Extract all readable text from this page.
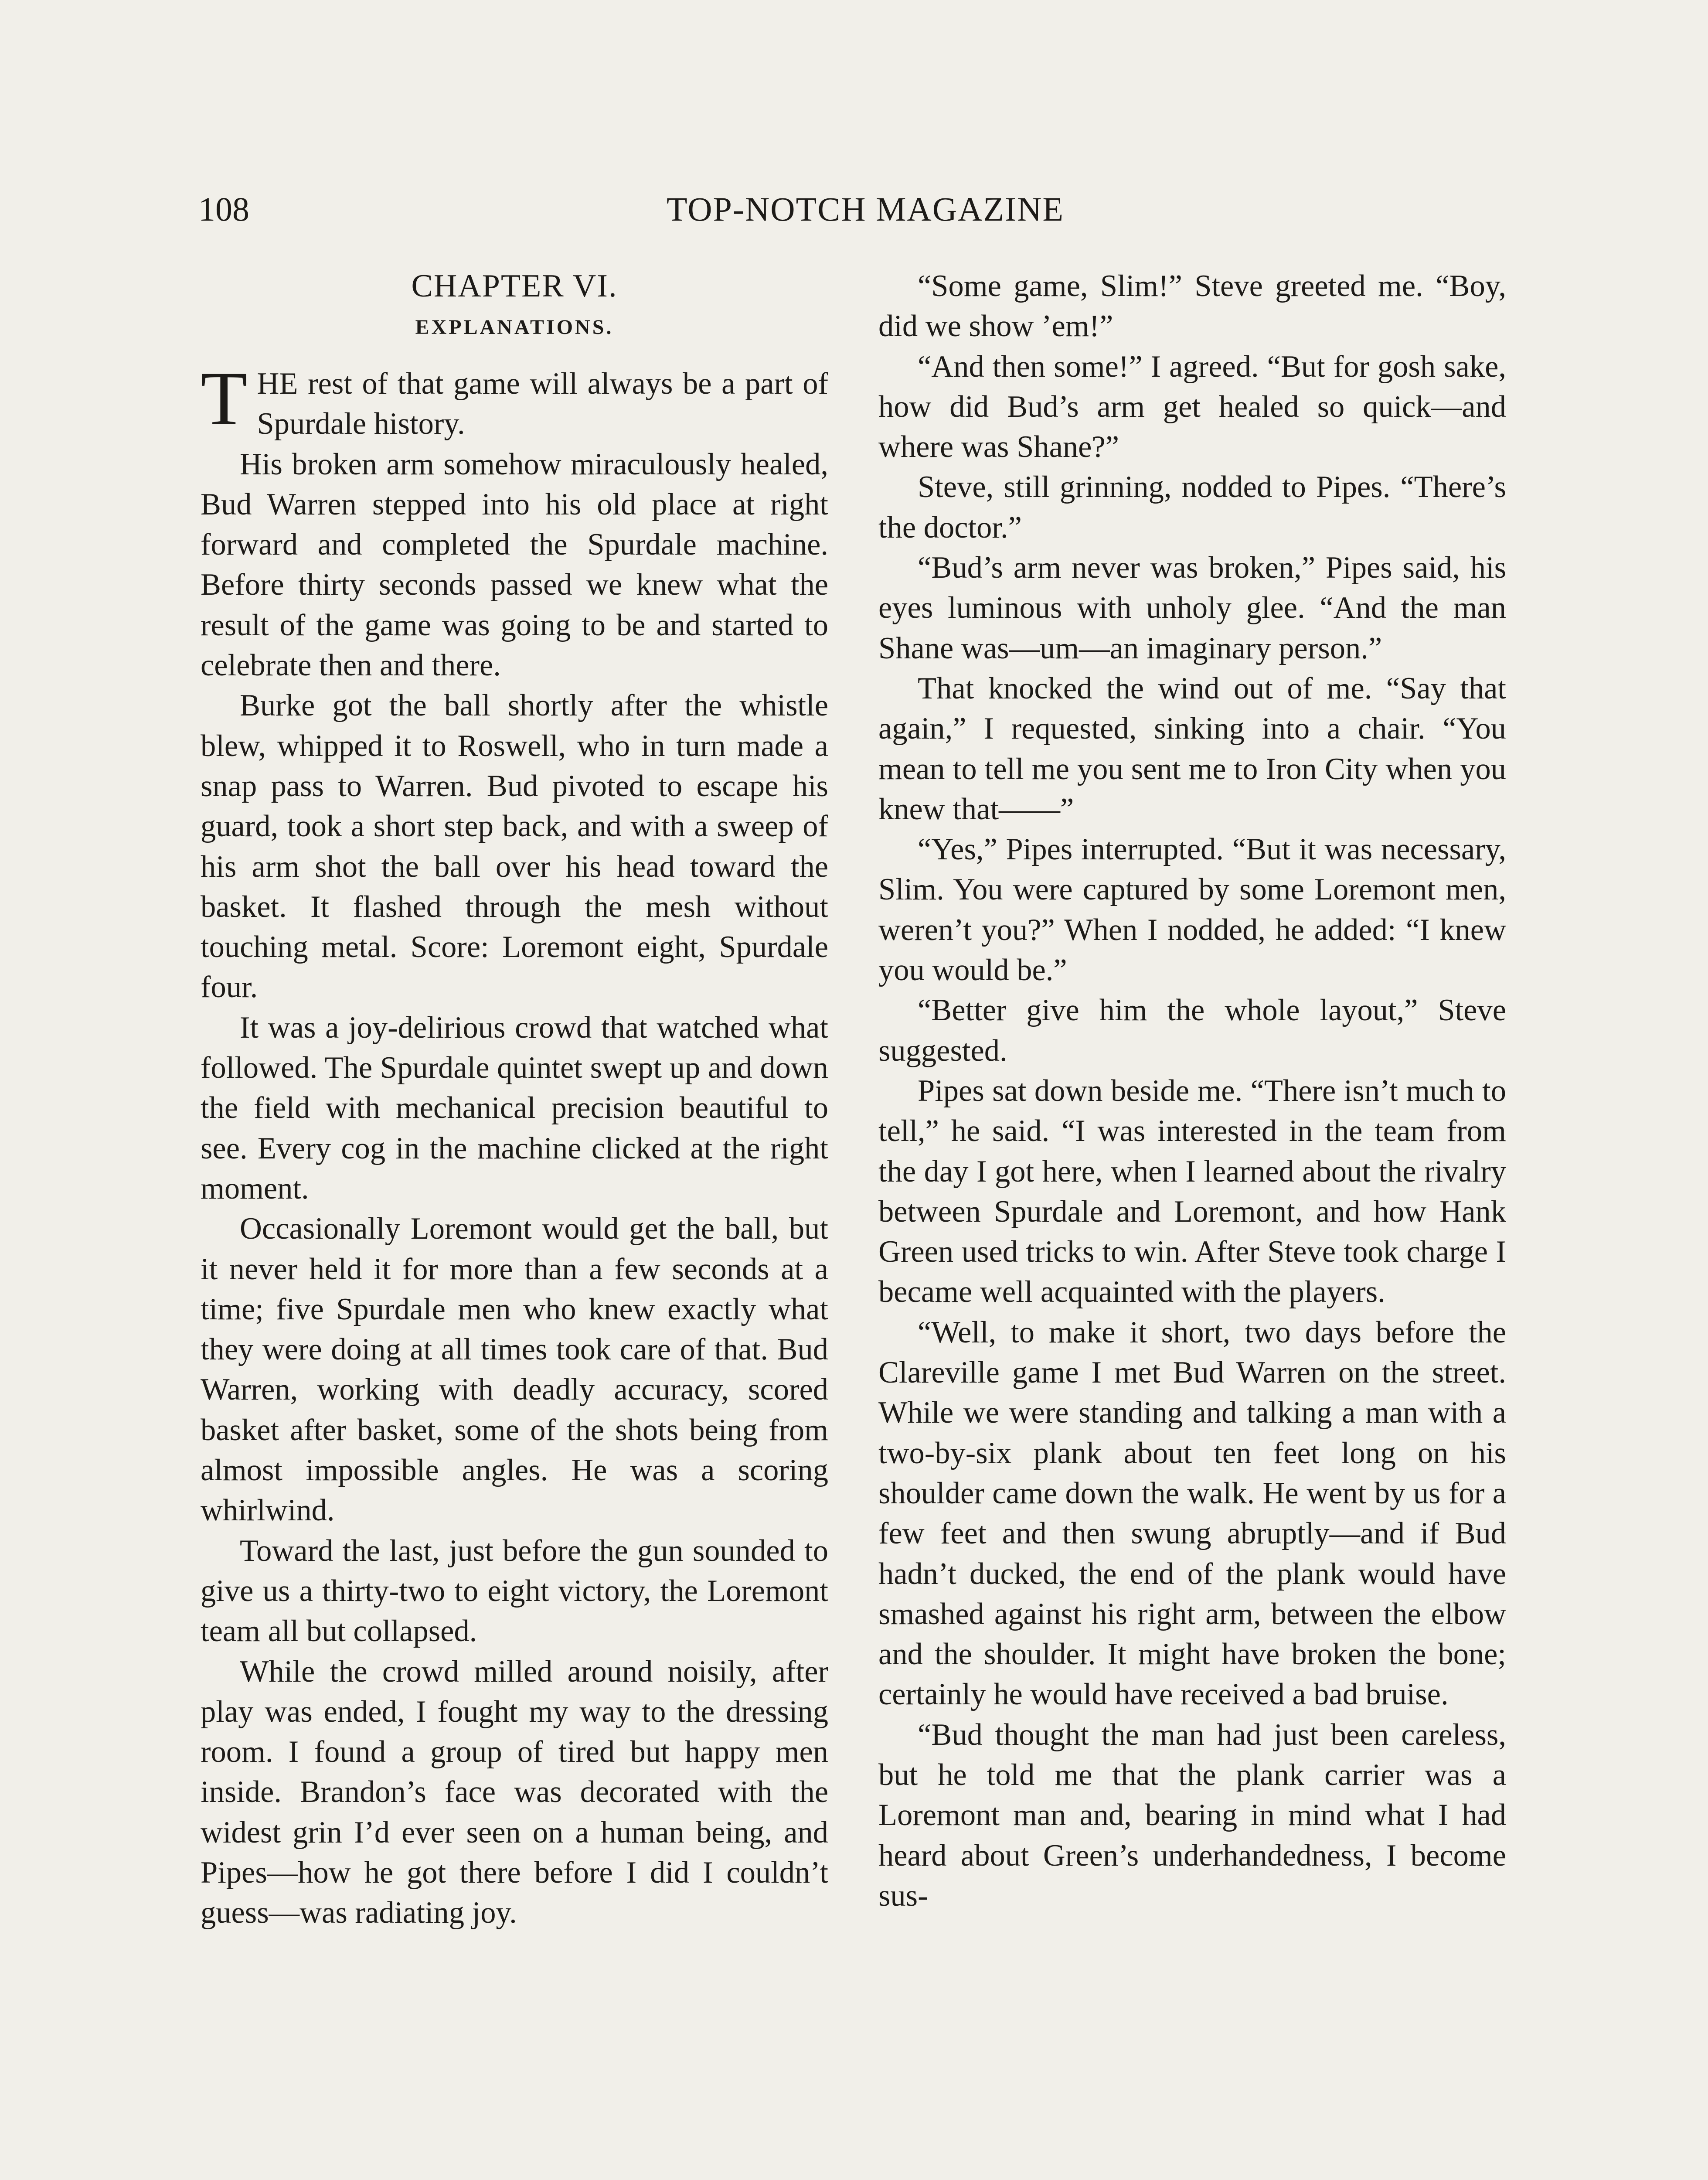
108	TOP-NOTCH MAGAZINE
CHAPTER VI.
EXPLANATIONS.

THE rest of that game will always be a part of Spurdale history.

His broken arm somehow miraculously healed, Bud Warren stepped into his old place at right forward and completed the Spurdale machine. Before thirty seconds passed we knew what the result of the game was going to be and started to celebrate then and there.

Burke got the ball shortly after the whistle blew, whipped it to Roswell, who in turn made a snap pass to Warren. Bud pivoted to escape his guard, took a short step back, and with a sweep of his arm shot the ball over his head toward the basket. It flashed through the mesh without touching metal. Score: Loremont eight, Spurdale four.

It was a joy-delirious crowd that watched what followed. The Spurdale quintet swept up and down the field with mechanical precision beautiful to see. Every cog in the machine clicked at the right moment.

Occasionally Loremont would get the ball, but it never held it for more than a few seconds at a time; five Spurdale men who knew exactly what they were doing at all times took care of that. Bud Warren, working with deadly accuracy, scored basket after basket, some of the shots being from almost impossible angles. He was a scoring whirlwind.

Toward the last, just before the gun sounded to give us a thirty-two to eight victory, the Loremont team all but collapsed.

While the crowd milled around noisily, after play was ended, I fought my way to the dressing room. I found a group of tired but happy men inside. Brandon’s face was decorated with the widest grin I’d ever seen on a human being, and Pipes—how he got there before I did I couldn’t guess—was radiating joy.

“Some game, Slim!” Steve greeted me. “Boy, did we show ’em!”

“And then some!” I agreed. “But for gosh sake, how did Bud’s arm get healed so quick—and where was Shane?”

Steve, still grinning, nodded to Pipes. “There’s the doctor.”

“Bud’s arm never was broken,” Pipes said, his eyes luminous with unholy glee. “And the man Shane was—um—an imaginary person.”

That knocked the wind out of me. “Say that again,” I requested, sinking into a chair. “You mean to tell me you sent me to Iron City when you knew that——”

“Yes,” Pipes interrupted. “But it was necessary, Slim. You were captured by some Loremont men, weren’t you?” When I nodded, he added: “I knew you would be.”

“Better give him the whole layout,” Steve suggested.

Pipes sat down beside me. “There isn’t much to tell,” he said. “I was interested in the team from the day I got here, when I learned about the rivalry between Spurdale and Loremont, and how Hank Green used tricks to win. After Steve took charge I became well acquainted with the players.

“Well, to make it short, two days before the Clareville game I met Bud Warren on the street. While we were standing and talking a man with a two-by-six plank about ten feet long on his shoulder came down the walk. He went by us for a few feet and then swung abruptly—and if Bud hadn’t ducked, the end of the plank would have smashed against his right arm, between the elbow and the shoulder. It might have broken the bone; certainly he would have received a bad bruise.

“Bud thought the man had just been careless, but he told me that the plank carrier was a Loremont man and, bearing in mind what I had heard about Green’s underhandedness, I become sus-
